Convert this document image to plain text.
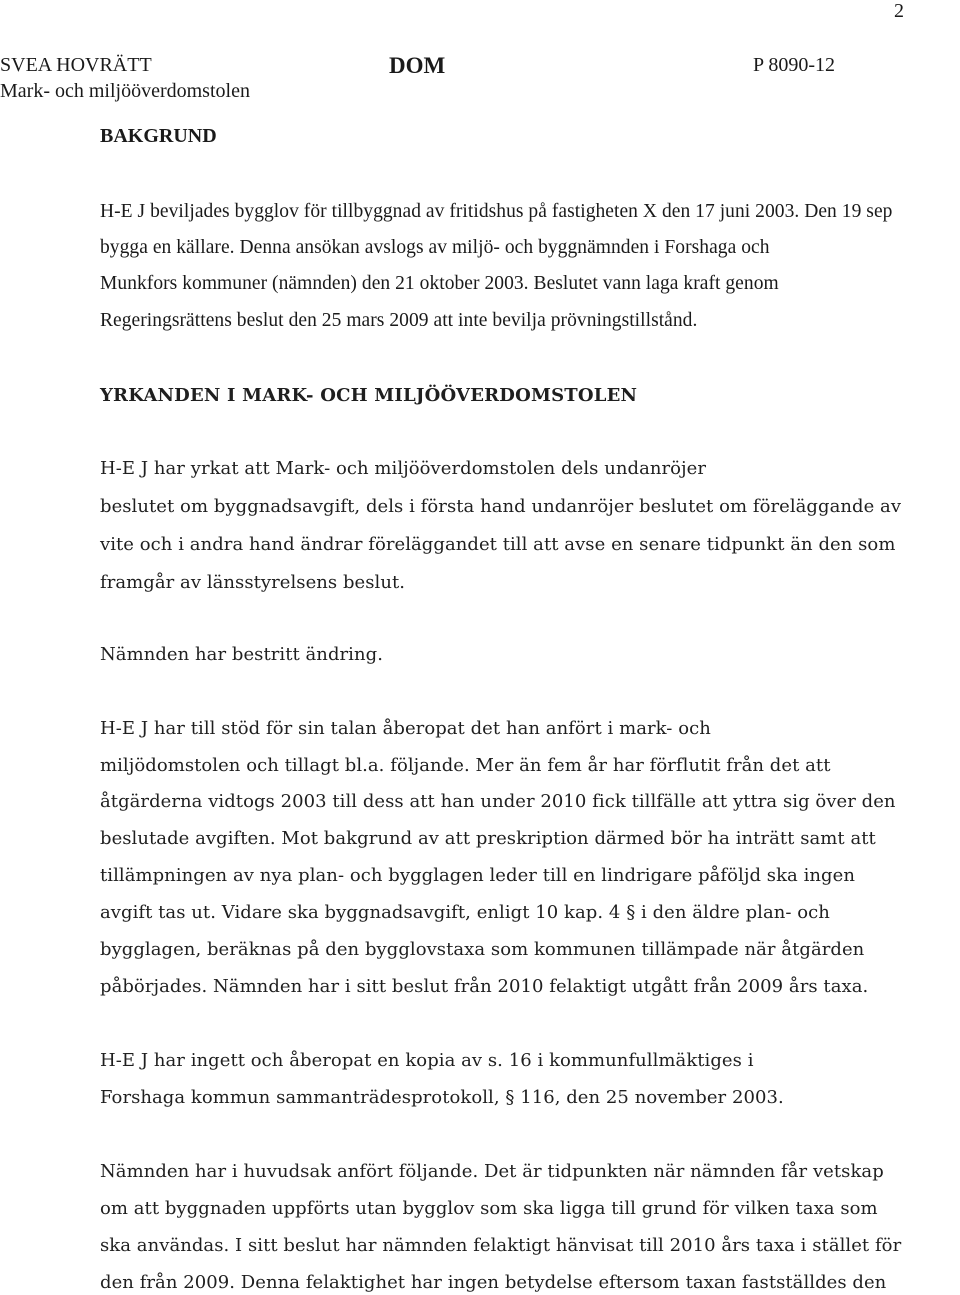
2
SVEA HOVRÄTT
Mark- och miljööverdomstolen
DOM	P 8090-12
BAKGRUND
H-E J beviljades bygglov för tillbyggnad av fritidshus på fastigheten X den 17 juni 2003. Den 19 sep
bygga en källare. Denna ansökan avslogs av miljö- och byggnämnden i Forshaga och
Munkfors kommuner (nämnden) den 21 oktober 2003. Beslutet vann laga kraft genom
Regeringsrättens beslut den 25 mars 2009 att inte bevilja prövningstillstånd.
YRKANDEN I MARK- OCH MILJÖÖVERDOMSTOLEN
H-E J har yrkat att Mark- och miljööverdomstolen dels undanröjer
beslutet om byggnadsavgift, dels i första hand undanröjer beslutet om föreläggande av
vite och i andra hand ändrar föreläggandet till att avse en senare tidpunkt än den som
framgår av länsstyrelsens beslut.
Nämnden har bestritt ändring.
H-E J har till stöd för sin talan åberopat det han anfört i mark- och
miljödomstolen och tillagt bl.a. följande. Mer än fem år har förflutit från det att
åtgärderna vidtogs 2003 till dess att han under 2010 fick tillfälle att yttra sig över den
beslutade avgiften. Mot bakgrund av att preskription därmed bör ha inträtt samt att
tillämpningen av nya plan- och bygglagen leder till en lindrigare påföljd ska ingen
avgift tas ut. Vidare ska byggnadsavgift, enligt 10 kap. 4 § i den äldre plan- och
bygglagen, beräknas på den bygglovstaxa som kommunen tillämpade när åtgärden
påbörjades. Nämnden har i sitt beslut från 2010 felaktigt utgått från 2009 års taxa.
H-E J har ingett och åberopat en kopia av s. 16 i kommunfullmäktiges i
Forshaga kommun sammanträdesprotokoll, § 116, den 25 november 2003.
Nämnden har i huvudsak anfört följande. Det är tidpunkten när nämnden får vetskap
om att byggnaden uppförts utan bygglov som ska ligga till grund för vilken taxa som
ska användas. I sitt beslut har nämnden felaktigt hänvisat till 2010 års taxa i stället för
den från 2009. Denna felaktighet har ingen betydelse eftersom taxan fastställdes den
